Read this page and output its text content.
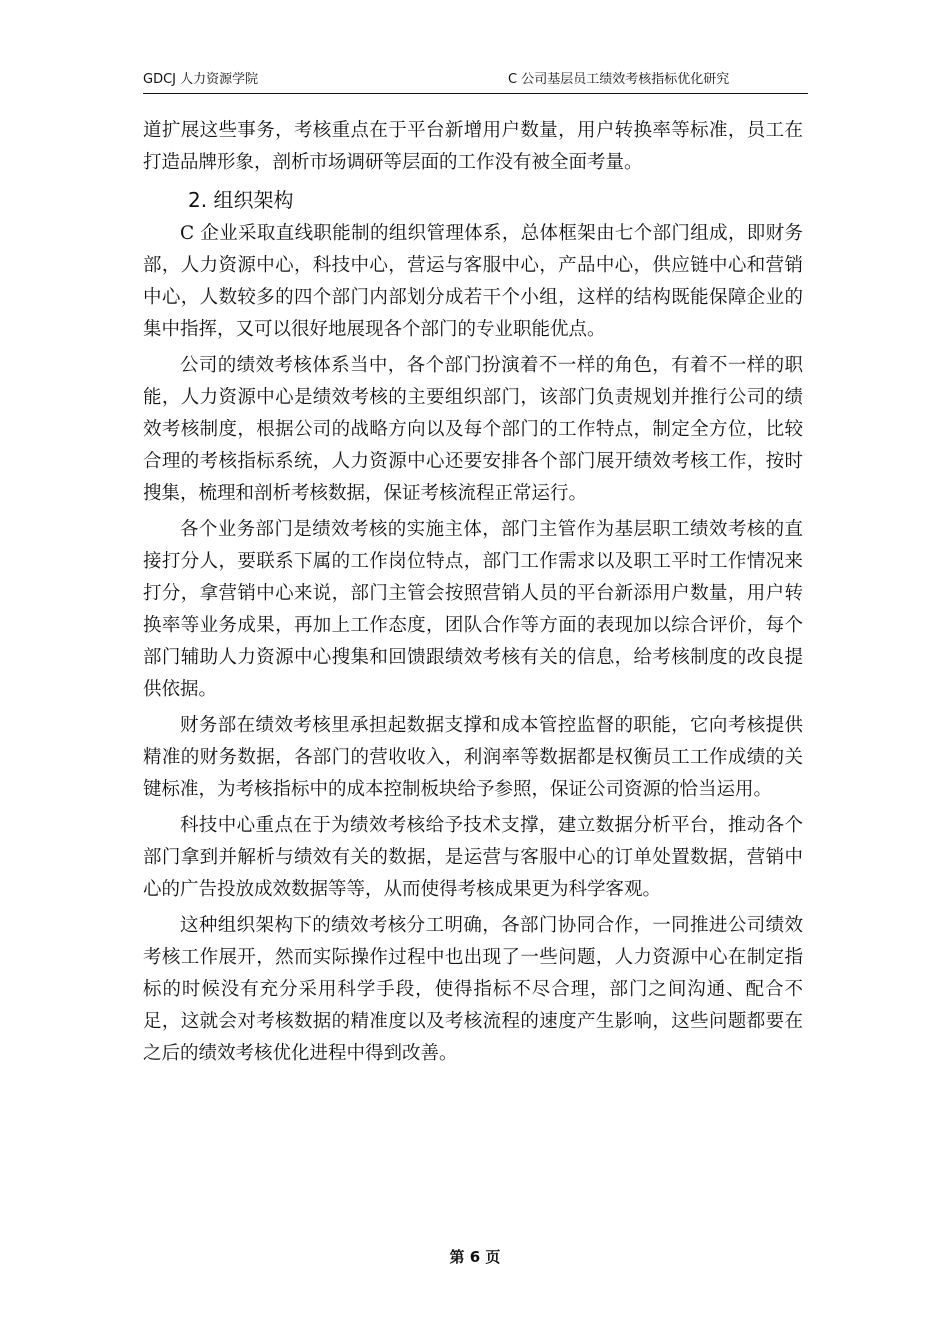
GDCJ 人力资源学院	C 公司基层员工绩效考核指标优化研究

道扩展这些事务，考核重点在于平台新增用户数量，用户转换率等标准，员工在打造品牌形象，剖析市场调研等层面的工作没有被全面考量。

2. 组织架构

C 企业采取直线职能制的组织管理体系，总体框架由七个部门组成，即财务部，人力资源中心，科技中心，营运与客服中心，产品中心，供应链中心和营销中心，人数较多的四个部门内部划分成若干个小组，这样的结构既能保障企业的集中指挥，又可以很好地展现各个部门的专业职能优点。

公司的绩效考核体系当中，各个部门扮演着不一样的角色，有着不一样的职能，人力资源中心是绩效考核的主要组织部门，该部门负责规划并推行公司的绩效考核制度，根据公司的战略方向以及每个部门的工作特点，制定全方位，比较合理的考核指标系统，人力资源中心还要安排各个部门展开绩效考核工作，按时搜集，梳理和剖析考核数据，保证考核流程正常运行。

各个业务部门是绩效考核的实施主体，部门主管作为基层职工绩效考核的直接打分人，要联系下属的工作岗位特点，部门工作需求以及职工平时工作情况来打分，拿营销中心来说，部门主管会按照营销人员的平台新添用户数量，用户转换率等业务成果，再加上工作态度，团队合作等方面的表现加以综合评价，每个部门辅助人力资源中心搜集和回馈跟绩效考核有关的信息，给考核制度的改良提供依据。

财务部在绩效考核里承担起数据支撑和成本管控监督的职能，它向考核提供精准的财务数据，各部门的营收收入，利润率等数据都是权衡员工工作成绩的关键标准，为考核指标中的成本控制板块给予参照，保证公司资源的恰当运用。

科技中心重点在于为绩效考核给予技术支撑，建立数据分析平台，推动各个部门拿到并解析与绩效有关的数据，是运营与客服中心的订单处置数据，营销中心的广告投放成效数据等等，从而使得考核成果更为科学客观。

这种组织架构下的绩效考核分工明确，各部门协同合作，一同推进公司绩效考核工作展开，然而实际操作过程中也出现了一些问题，人力资源中心在制定指标的时候没有充分采用科学手段，使得指标不尽合理，部门之间沟通、配合不足，这就会对考核数据的精准度以及考核流程的速度产生影响，这些问题都要在之后的绩效考核优化进程中得到改善。

第 6 页
